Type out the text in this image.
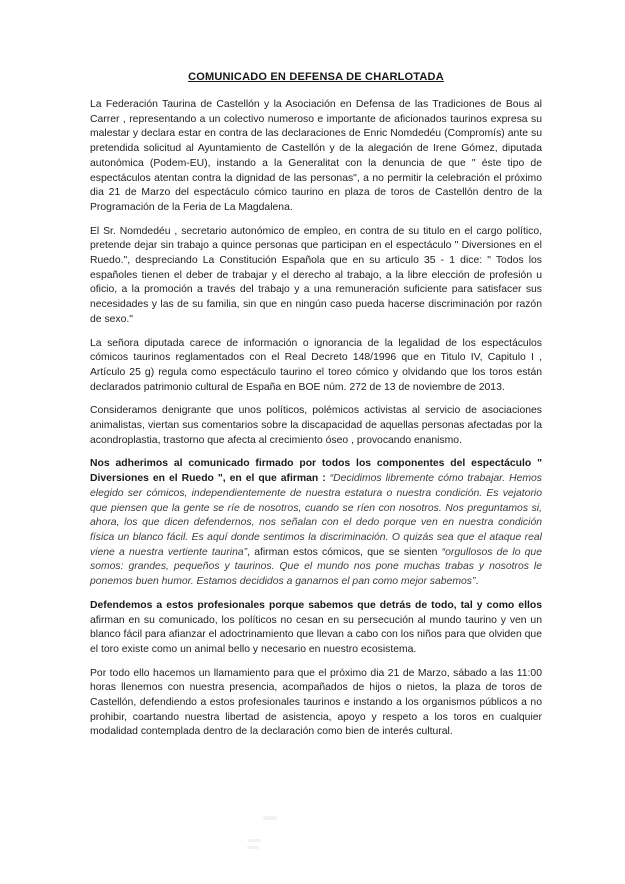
COMUNICADO EN DEFENSA DE CHARLOTADA

La Federación Taurina de Castellón y la Asociación en Defensa de las Tradiciones de Bous al Carrer , representando a un colectivo numeroso e importante de aficionados taurinos expresa su malestar y declara estar en contra de las declaraciones de Enric Nomdedéu (Compromís) ante su pretendida solicitud al Ayuntamiento de Castellón y de la alegación de Irene Gómez, diputada autonómica (Podem-EU), instando a la Generalitat con la denuncia de que " éste tipo de espectáculos atentan contra la dignidad de las personas", a no permitir la celebración el próximo dia 21 de Marzo del espectáculo cómico taurino en plaza de toros de Castellón dentro de la Programación de la Feria de La Magdalena.

El Sr. Nomdedéu , secretario autonómico de empleo, en contra de su titulo en el cargo político, pretende dejar sin trabajo a quince personas que participan en el espectáculo " Diversiones en el Ruedo.", despreciando La Constitución Española que en su articulo 35 - 1 dice: " Todos los españoles tienen el deber de trabajar y el derecho al trabajo, a la libre elección de profesión u oficio, a la promoción a través del trabajo y a una remuneración suficiente para satisfacer sus necesidades y las de su familia, sin que en ningún caso pueda hacerse discriminación por razón de sexo."

La señora diputada carece de información o ignorancia de la legalidad de los espectáculos cómicos taurinos reglamentados con el Real Decreto 148/1996 que en Titulo IV, Capitulo I , Artículo 25 g) regula como espectáculo taurino el toreo cómico y olvidando que los toros están declarados patrimonio cultural de España en BOE núm. 272 de 13 de noviembre de 2013.

Consideramos denigrante que unos políticos, polémicos activistas al servicio de asociaciones animalistas, viertan sus comentarios sobre la discapacidad de aquellas personas afectadas por la acondroplastia, trastorno que afecta al crecimiento óseo , provocando enanismo.

Nos adherimos al comunicado firmado por todos los componentes del espectáculo " Diversiones en el Ruedo ", en el que afirman : “Decidimos libremente cómo trabajar. Hemos elegido ser cómicos, independientemente de nuestra estatura o nuestra condición. Es vejatorio que piensen que la gente se ríe de nosotros, cuando se ríen con nosotros. Nos preguntamos si, ahora, los que dicen defendernos, nos señalan con el dedo porque ven en nuestra condición física un blanco fácil. Es aquí donde sentimos la discriminación. O quizás sea que el ataque real viene a nuestra vertiente taurina”, afirman estos cómicos, que se sienten “orgullosos de lo que somos: grandes, pequeños y taurinos. Que el mundo nos pone muchas trabas y nosotros le ponemos buen humor. Estamos decididos a ganarnos el pan como mejor sabemos”.

Defendemos a estos profesionales porque sabemos que detrás de todo, tal y como ellos afirman en su comunicado, los políticos no cesan en su persecución al mundo taurino y ven un blanco fácil para afianzar el adoctrinamiento que llevan a cabo con los niños para que olviden que el toro existe como un animal bello y necesario en nuestro ecosistema.

Por todo ello hacemos un llamamiento para que el próximo dia 21 de Marzo, sábado a las 11:00 horas llenemos con nuestra presencia, acompañados de hijos o nietos, la plaza de toros de Castellón, defendiendo a estos profesionales taurinos e instando a los organismos públicos a no prohibir, coartando nuestra libertad de asistencia, apoyo y respeto a los toros en cualquier modalidad contemplada dentro de la declaración como bien de interés cultural.
